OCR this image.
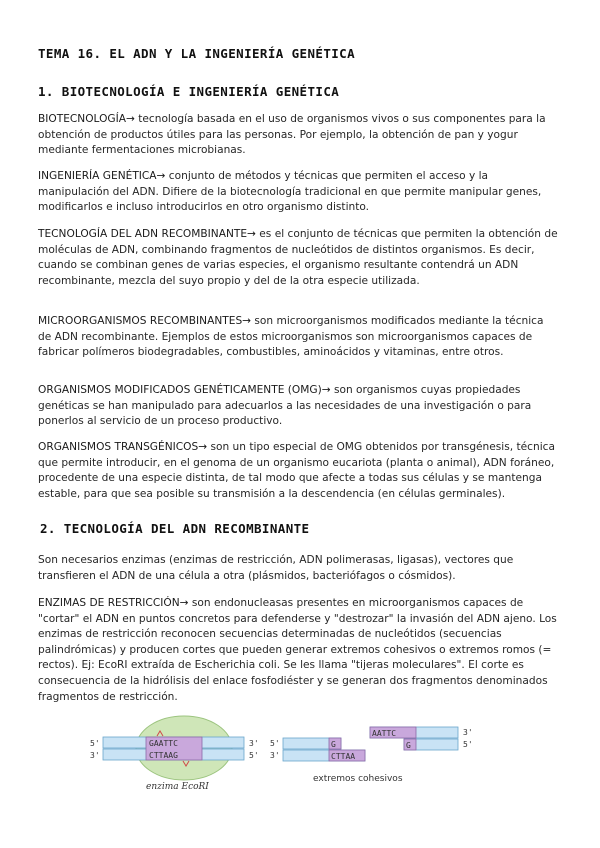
TEMA 16. EL ADN Y LA INGENIERÍA GENÉTICA
1. BIOTECNOLOGÍA E INGENIERÍA GENÉTICA

BIOTECNOLOGÍA→ tecnología basada en el uso de organismos vivos o sus componentes para la obtención de productos útiles para las personas. Por ejemplo, la obtención de pan y yogur mediante fermentaciones microbianas.

INGENIERÍA GENÉTICA→ conjunto de métodos y técnicas que permiten el acceso y la manipulación del ADN. Difiere de la biotecnología tradicional en que permite manipular genes, modificarlos e incluso introducirlos en otro organismo distinto.

TECNOLOGÍA DEL ADN RECOMBINANTE→ es el conjunto de técnicas que permiten la obtención de moléculas de ADN, combinando fragmentos de nucleótidos de distintos organismos. Es decir, cuando se combinan genes de varias especies, el organismo resultante contendrá un ADN recombinante, mezcla del suyo propio y del de la otra especie utilizada.

MICROORGANISMOS RECOMBINANTES→ son microorganismos modificados mediante la técnica de ADN recombinante. Ejemplos de estos microorganismos son microorganismos capaces de fabricar polímeros biodegradables, combustibles, aminoácidos y vitaminas, entre otros.

ORGANISMOS MODIFICADOS GENÉTICAMENTE (OMG)→ son organismos cuyas propiedades genéticas se han manipulado para adecuarlos a las necesidades de una investigación o para ponerlos al servicio de un proceso productivo.

ORGANISMOS TRANSGÉNICOS→ son un tipo especial de OMG obtenidos por transgénesis, técnica que permite introducir, en el genoma de un organismo eucariota (planta o animal), ADN foráneo, procedente de una especie distinta, de tal modo que afecte a todas sus células y se mantenga estable, para que sea posible su transmisión a la descendencia (en células germinales).

2. TECNOLOGÍA DEL ADN RECOMBINANTE

Son necesarios enzimas (enzimas de restricción, ADN polimerasas, ligasas), vectores que transfieren el ADN de una célula a otra (plásmidos, bacteriófagos o cósmidos).

ENZIMAS DE RESTRICCIÓN→ son endonucleasas presentes en microorganismos capaces de "cortar" el ADN en puntos concretos para defenderse y "destrozar" la invasión del ADN ajeno. Los enzimas de restricción reconocen secuencias determinadas de nucleótidos (secuencias palindrómicas) y producen cortes que pueden generar extremos cohesivos o extremos romos (= rectos). Ej: EcoRI extraída de Escherichia coli. Se les llama "tijeras moleculares". El corte es consecuencia de la hidrólisis del enlace fosfodiéster y se generan dos fragmentos denominados fragmentos de restricción.

5'
3'
3'
5'
GAATTC
CTTAAG
enzima EcoRI
G
CTTAA
AATTC
G
5'
3'
3'
5'
extremos cohesivos
